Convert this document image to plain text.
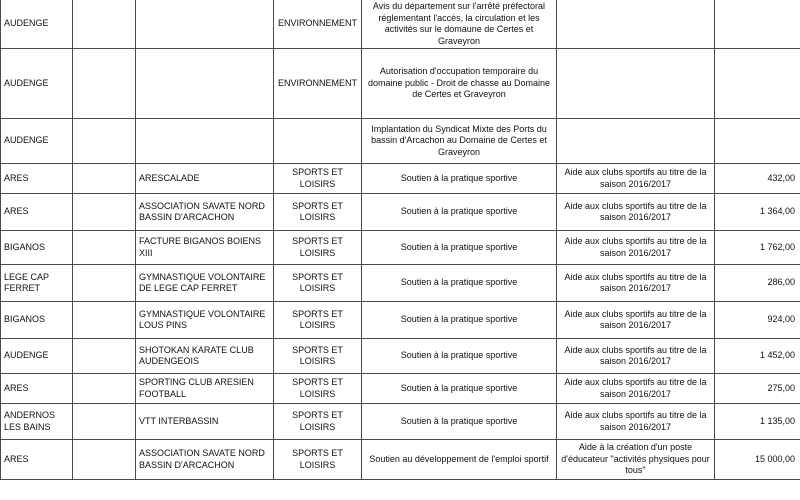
AUDENGE			ENVIRONNEMENT	Avis du département sur l'arrêté préfectoral réglementant l'accès, la circulation et les activités sur le domaune de Certes et Graveyron		
AUDENGE			ENVIRONNEMENT	Autorisation d'occupation temporaire du domaine public - Droit de chasse au Domaine de Certes et Graveyron		
AUDENGE				Implantation du Syndicat Mixte des Ports du bassin d'Arcachon au Domaine de Certes et Graveyron		
ARES		ARESCALADE	SPORTS ET LOISIRS	Soutien à la pratique sportive	Aide aux clubs sportifs au titre de la saison 2016/2017	432,00
ARES		ASSOCIATION SAVATE NORD BASSIN D'ARCACHON	SPORTS ET LOISIRS	Soutien à la pratique sportive	Aide aux clubs sportifs au titre de la saison 2016/2017	1 364,00
BIGANOS		FACTURE BIGANOS BOIENS XIII	SPORTS ET LOISIRS	Soutien à la pratique sportive	Aide aux clubs sportifs au titre de la saison 2016/2017	1 762,00
LEGE CAP FERRET		GYMNASTIQUE VOLONTAIRE DE LEGE CAP FERRET	SPORTS ET LOISIRS	Soutien à la pratique sportive	Aide aux clubs sportifs au titre de la saison 2016/2017	286,00
BIGANOS		GYMNASTIQUE VOLONTAIRE LOUS PINS	SPORTS ET LOISIRS	Soutien à la pratique sportive	Aide aux clubs sportifs au titre de la saison 2016/2017	924,00
AUDENGE		SHOTOKAN KARATE CLUB AUDENGEOIS	SPORTS ET LOISIRS	Soutien à la pratique sportive	Aide aux clubs sportifs au titre de la saison 2016/2017	1 452,00
ARES		SPORTING CLUB ARESIEN FOOTBALL	SPORTS ET LOISIRS	Soutien à la pratique sportive	Aide aux clubs sportifs au titre de la saison 2016/2017	275,00
ANDERNOS LES BAINS		VTT INTERBASSIN	SPORTS ET LOISIRS	Soutien à la pratique sportive	Aide aux clubs sportifs au titre de la saison 2016/2017	1 135,00
ARES		ASSOCIATION SAVATE NORD BASSIN D'ARCACHON	SPORTS ET LOISIRS	Soutien au développement de l'emploi sportif	Aide à la création d'un poste d'éducateur "activités physiques pour tous"	15 000,00
